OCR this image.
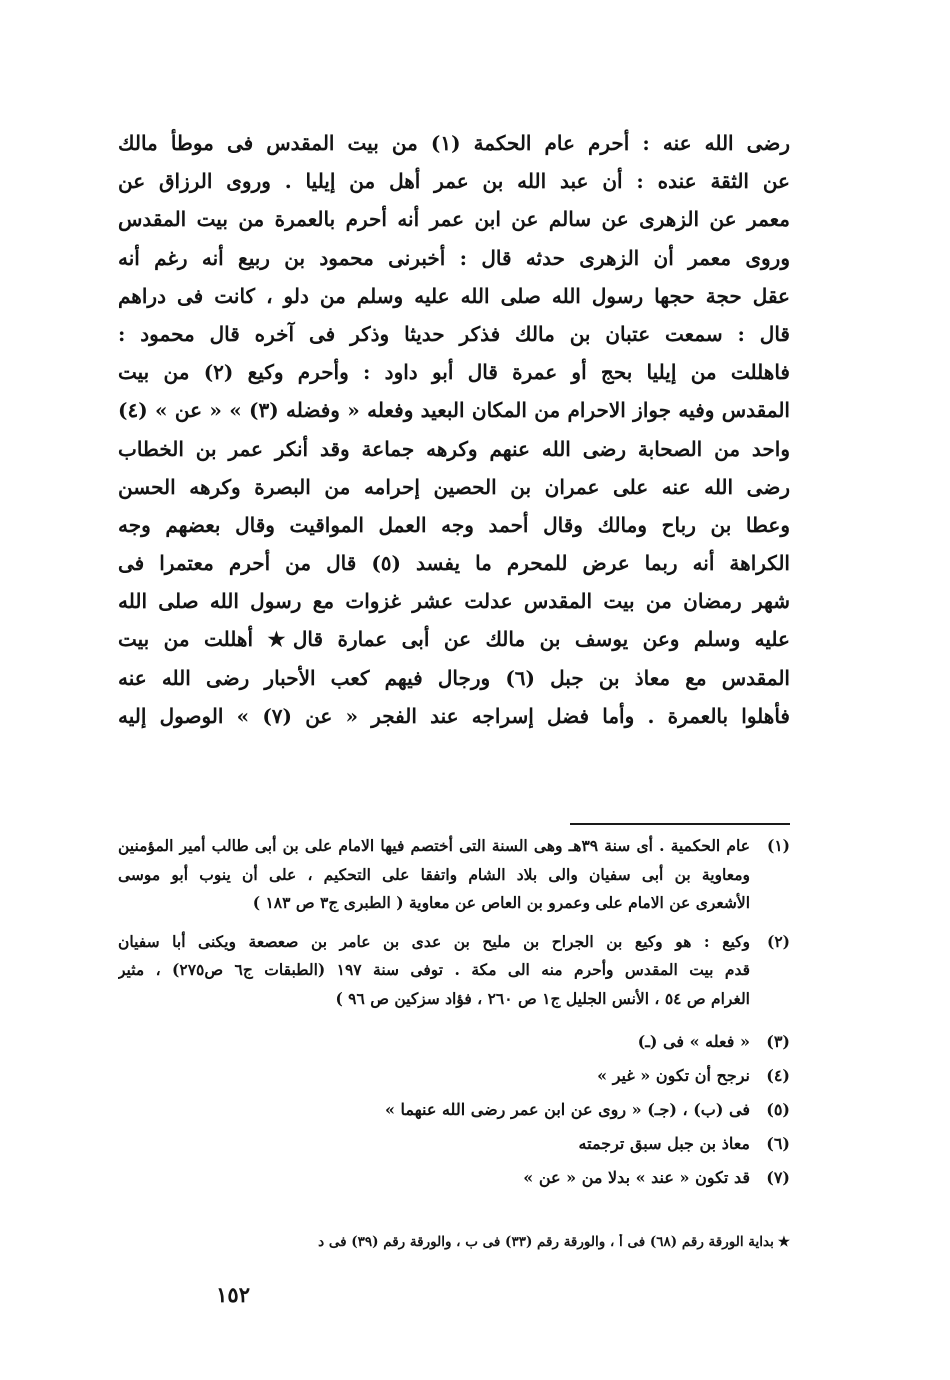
رضى الله عنه : أحرم عام الحكمة (١) من بيت المقدس فى موطأ مالك
عن الثقة عنده : أن عبد الله بن عمر أهل من إيليا . وروى الرزاق عن
معمر عن الزهرى عن سالم عن ابن عمر أنه أحرم بالعمرة من بيت المقدس
وروى معمر أن الزهرى حدثه قال : أخبرنى محمود بن ربيع أنه رغم أنه
عقل حجة حجها رسول الله صلى الله عليه وسلم من دلو ، كانت فى دراهم
قال : سمعت عتبان بن مالك فذكر حديثا وذكر فى آخره قال محمود :
فاهللت من إيليا بحج أو عمرة قال أبو داود : وأحرم وكيع (٢) من بيت
المقدس وفيه جواز الاحرام من المكان البعيد وفعله « وفضله (٣) » « عن » (٤)
واحد من الصحابة رضى الله عنهم وكرهه جماعة وقد أنكر عمر بن الخطاب
رضى الله عنه على عمران بن الحصين إحرامه من البصرة وكرهه الحسن
وعطا بن رباح ومالك وقال أحمد وجه العمل المواقيت وقال بعضهم وجه
الكراهة أنه ربما عرض للمحرم ما يفسد (٥) قال من أحرم معتمرا فى
شهر رمضان من بيت المقدس عدلت عشر غزوات مع رسول الله صلى الله
عليه وسلم وعن يوسف بن مالك عن أبى عمارة قال★ أهللت من بيت
المقدس مع معاذ بن جبل (٦) ورجال فيهم كعب الأحبار رضى الله عنه
فأهلوا بالعمرة . وأما فضل إسراجه عند الفجر « عن (٧) » الوصول إليه
(١)
عام الحكمية . أى سنة ٣٩هـ وهى السنة التى أختصم فيها الامام على بن أبى طالب أمير المؤمنين
ومعاوية بن أبى سفيان والى بلاد الشام واتفقا على التحكيم ، على أن ينوب أبو موسى
الأشعرى عن الامام على وعمرو بن العاص عن معاوية ( الطبرى ج٣ ص ١٨٣ )
(٢)
وكيع : هو وكيع بن الجراح بن مليح بن عدى بن عامر بن صعصعة ويكنى أبا سفيان
قدم بيت المقدس وأحرم منه الى مكة . توفى سنة ١٩٧ (الطبقات ج٦ ص٢٧٥) ، مثير
الغرام ص ٥٤ ، الأنس الجليل ج١ ص ٢٦٠ ، فؤاد سزكين ص ٩٦ )
(٣)
« فعله » فى (ـ)
(٤)
نرجح أن تكون « غير »
(٥)
فى (ب) ، (جـ) « روى عن ابن عمر رضى الله عنهما »
(٦)
معاذ بن جبل سبق ترجمته
(٧)
قد تكون « عند » بدلا من « عن »
★بداية الورقة رقم (٦٨) فى أ ، والورقة رقم (٣٣) فى ب ، والورقة رقم (٣٩) فى د
١٥٢
